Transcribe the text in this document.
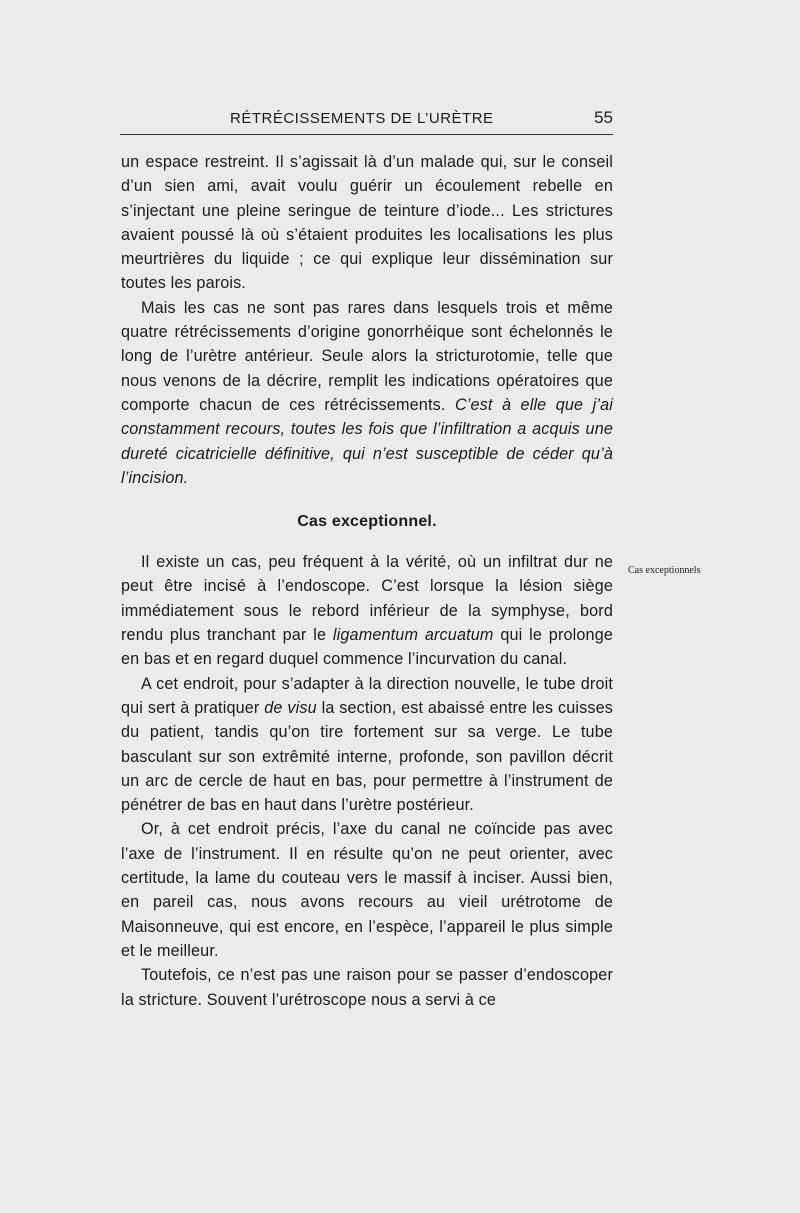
RÉTRÉCISSEMENTS DE L’URÈTRE	55

un espace restreint. Il s’agissait là d’un malade qui, sur le conseil d’un sien ami, avait voulu guérir un écoulement rebelle en s’injectant une pleine seringue de teinture d’iode... Les strictures avaient poussé là où s’étaient produites les localisations les plus meurtrières du liquide ; ce qui explique leur dissémination sur toutes les parois.

Mais les cas ne sont pas rares dans lesquels trois et même quatre rétrécissements d’origine gonorrhéique sont échelonnés le long de l’urètre antérieur. Seule alors la stricturotomie, telle que nous venons de la décrire, remplit les indications opératoires que comporte chacun de ces rétrécissements. C’est à elle que j’ai constamment recours, toutes les fois que l’infiltration a acquis une dureté cicatricielle définitive, qui n’est susceptible de céder qu’à l’incision.

Cas exceptionnel.

Il existe un cas, peu fréquent à la vérité, où un infiltrat dur ne peut être incisé à l’endoscope. C’est lorsque la lésion siège immédiatement sous le rebord inférieur de la symphyse, bord rendu plus tranchant par le ligamentum arcuatum qui le prolonge en bas et en regard duquel commence l’incurvation du canal.

A cet endroit, pour s’adapter à la direction nouvelle, le tube droit qui sert à pratiquer de visu la section, est abaissé entre les cuisses du patient, tandis qu’on tire fortement sur sa verge. Le tube basculant sur son extrêmité interne, profonde, son pavillon décrit un arc de cercle de haut en bas, pour permettre à l’instrument de pénétrer de bas en haut dans l’urètre postérieur.

Or, à cet endroit précis, l’axe du canal ne coïncide pas avec l’axe de l’instrument. Il en résulte qu’on ne peut orienter, avec certitude, la lame du couteau vers le massif à inciser. Aussi bien, en pareil cas, nous avons recours au vieil urétrotome de Maisonneuve, qui est encore, en l’espèce, l’appareil le plus simple et le meilleur.

Toutefois, ce n’est pas une raison pour se passer d’endoscoper la stricture. Souvent l’urétroscope nous a servi à ce

Cas exceptionnels
